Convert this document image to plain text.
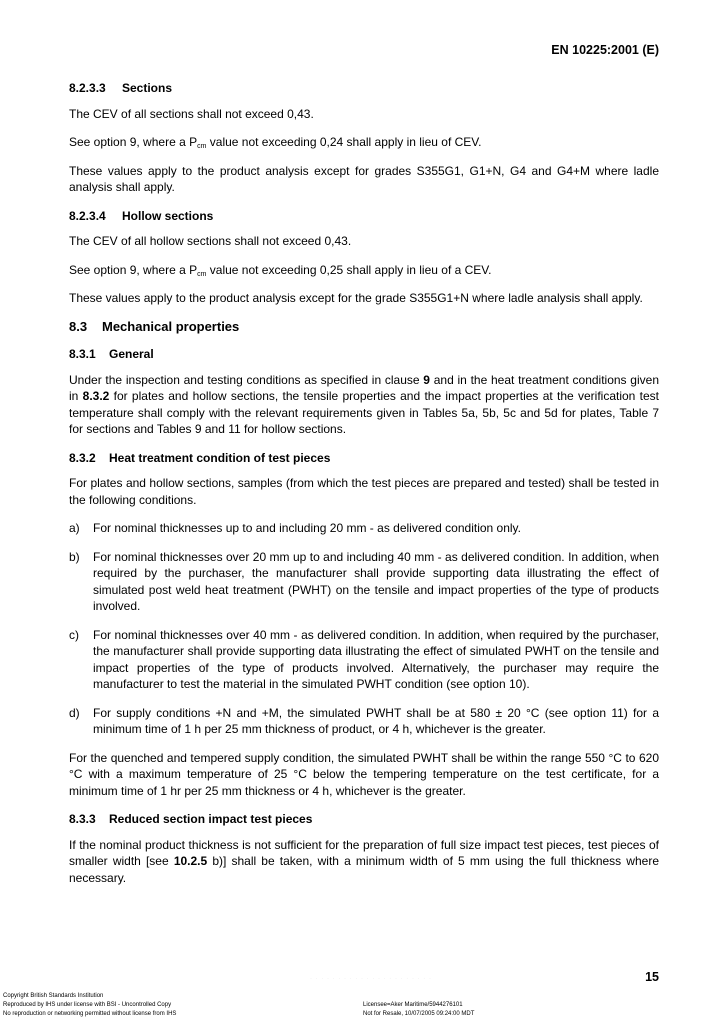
EN 10225:2001 (E)
8.2.3.3	Sections
The CEV of all sections shall not exceed 0,43.
See option 9, where a $P_{cm}$ value not exceeding 0,24 shall apply in lieu of CEV.
These values apply to the product analysis except for grades S355G1, G1+N, G4 and G4+M where ladle analysis shall apply.
8.2.3.4	Hollow sections
The CEV of all hollow sections shall not exceed 0,43.
See option 9, where a $P_{cm}$ value not exceeding 0,25 shall apply in lieu of a CEV.
These values apply to the product analysis except for the grade S355G1+N where ladle analysis shall apply.
8.3	Mechanical properties
8.3.1	General
Under the inspection and testing conditions as specified in clause 9 and in the heat treatment conditions given in 8.3.2 for plates and hollow sections, the tensile properties and the impact properties at the verification test temperature shall comply with the relevant requirements given in Tables 5a, 5b, 5c and 5d for plates, Table 7 for sections and Tables 9 and 11 for hollow sections.
8.3.2	Heat treatment condition of test pieces
For plates and hollow sections, samples (from which the test pieces are prepared and tested) shall be tested in the following conditions.
a)	For nominal thicknesses up to and including 20 mm - as delivered condition only.
b)	For nominal thicknesses over 20 mm up to and including 40 mm - as delivered condition. In addition, when required by the purchaser, the manufacturer shall provide supporting data illustrating the effect of simulated post weld heat treatment (PWHT) on the tensile and impact properties of the type of products involved.
c)	For nominal thicknesses over 40 mm - as delivered condition. In addition, when required by the purchaser, the manufacturer shall provide supporting data illustrating the effect of simulated PWHT on the tensile and impact properties of the type of products involved. Alternatively, the purchaser may require the manufacturer to test the material in the simulated PWHT condition (see option 10).
d)	For supply conditions +N and +M, the simulated PWHT shall be at 580 ± 20 °C (see option 11) for a minimum time of 1 h per 25 mm thickness of product, or 4 h, whichever is the greater.
For the quenched and tempered supply condition, the simulated PWHT shall be within the range 550 °C to 620 °C with a maximum temperature of 25 °C below the tempering temperature on the test certificate, for a minimum time of 1 hr per 25 mm thickness or 4 h, whichever is the greater.
8.3.3	Reduced section impact test pieces
If the nominal product thickness is not sufficient for the preparation of full size impact test pieces, test pieces of smaller width [see 10.2.5 b)] shall be taken, with a minimum width of 5 mm using the full thickness where necessary.
· · · · · · · · · · · · · · · · · · · · · ·	15
Copyright British Standards Institution
Reproduced by IHS under license with BSI - Uncontrolled Copy
No reproduction or networking permitted without license from IHS
Licensee=Aker Maritime/5944276101
Not for Resale, 10/07/2005 09:24:00 MDT
